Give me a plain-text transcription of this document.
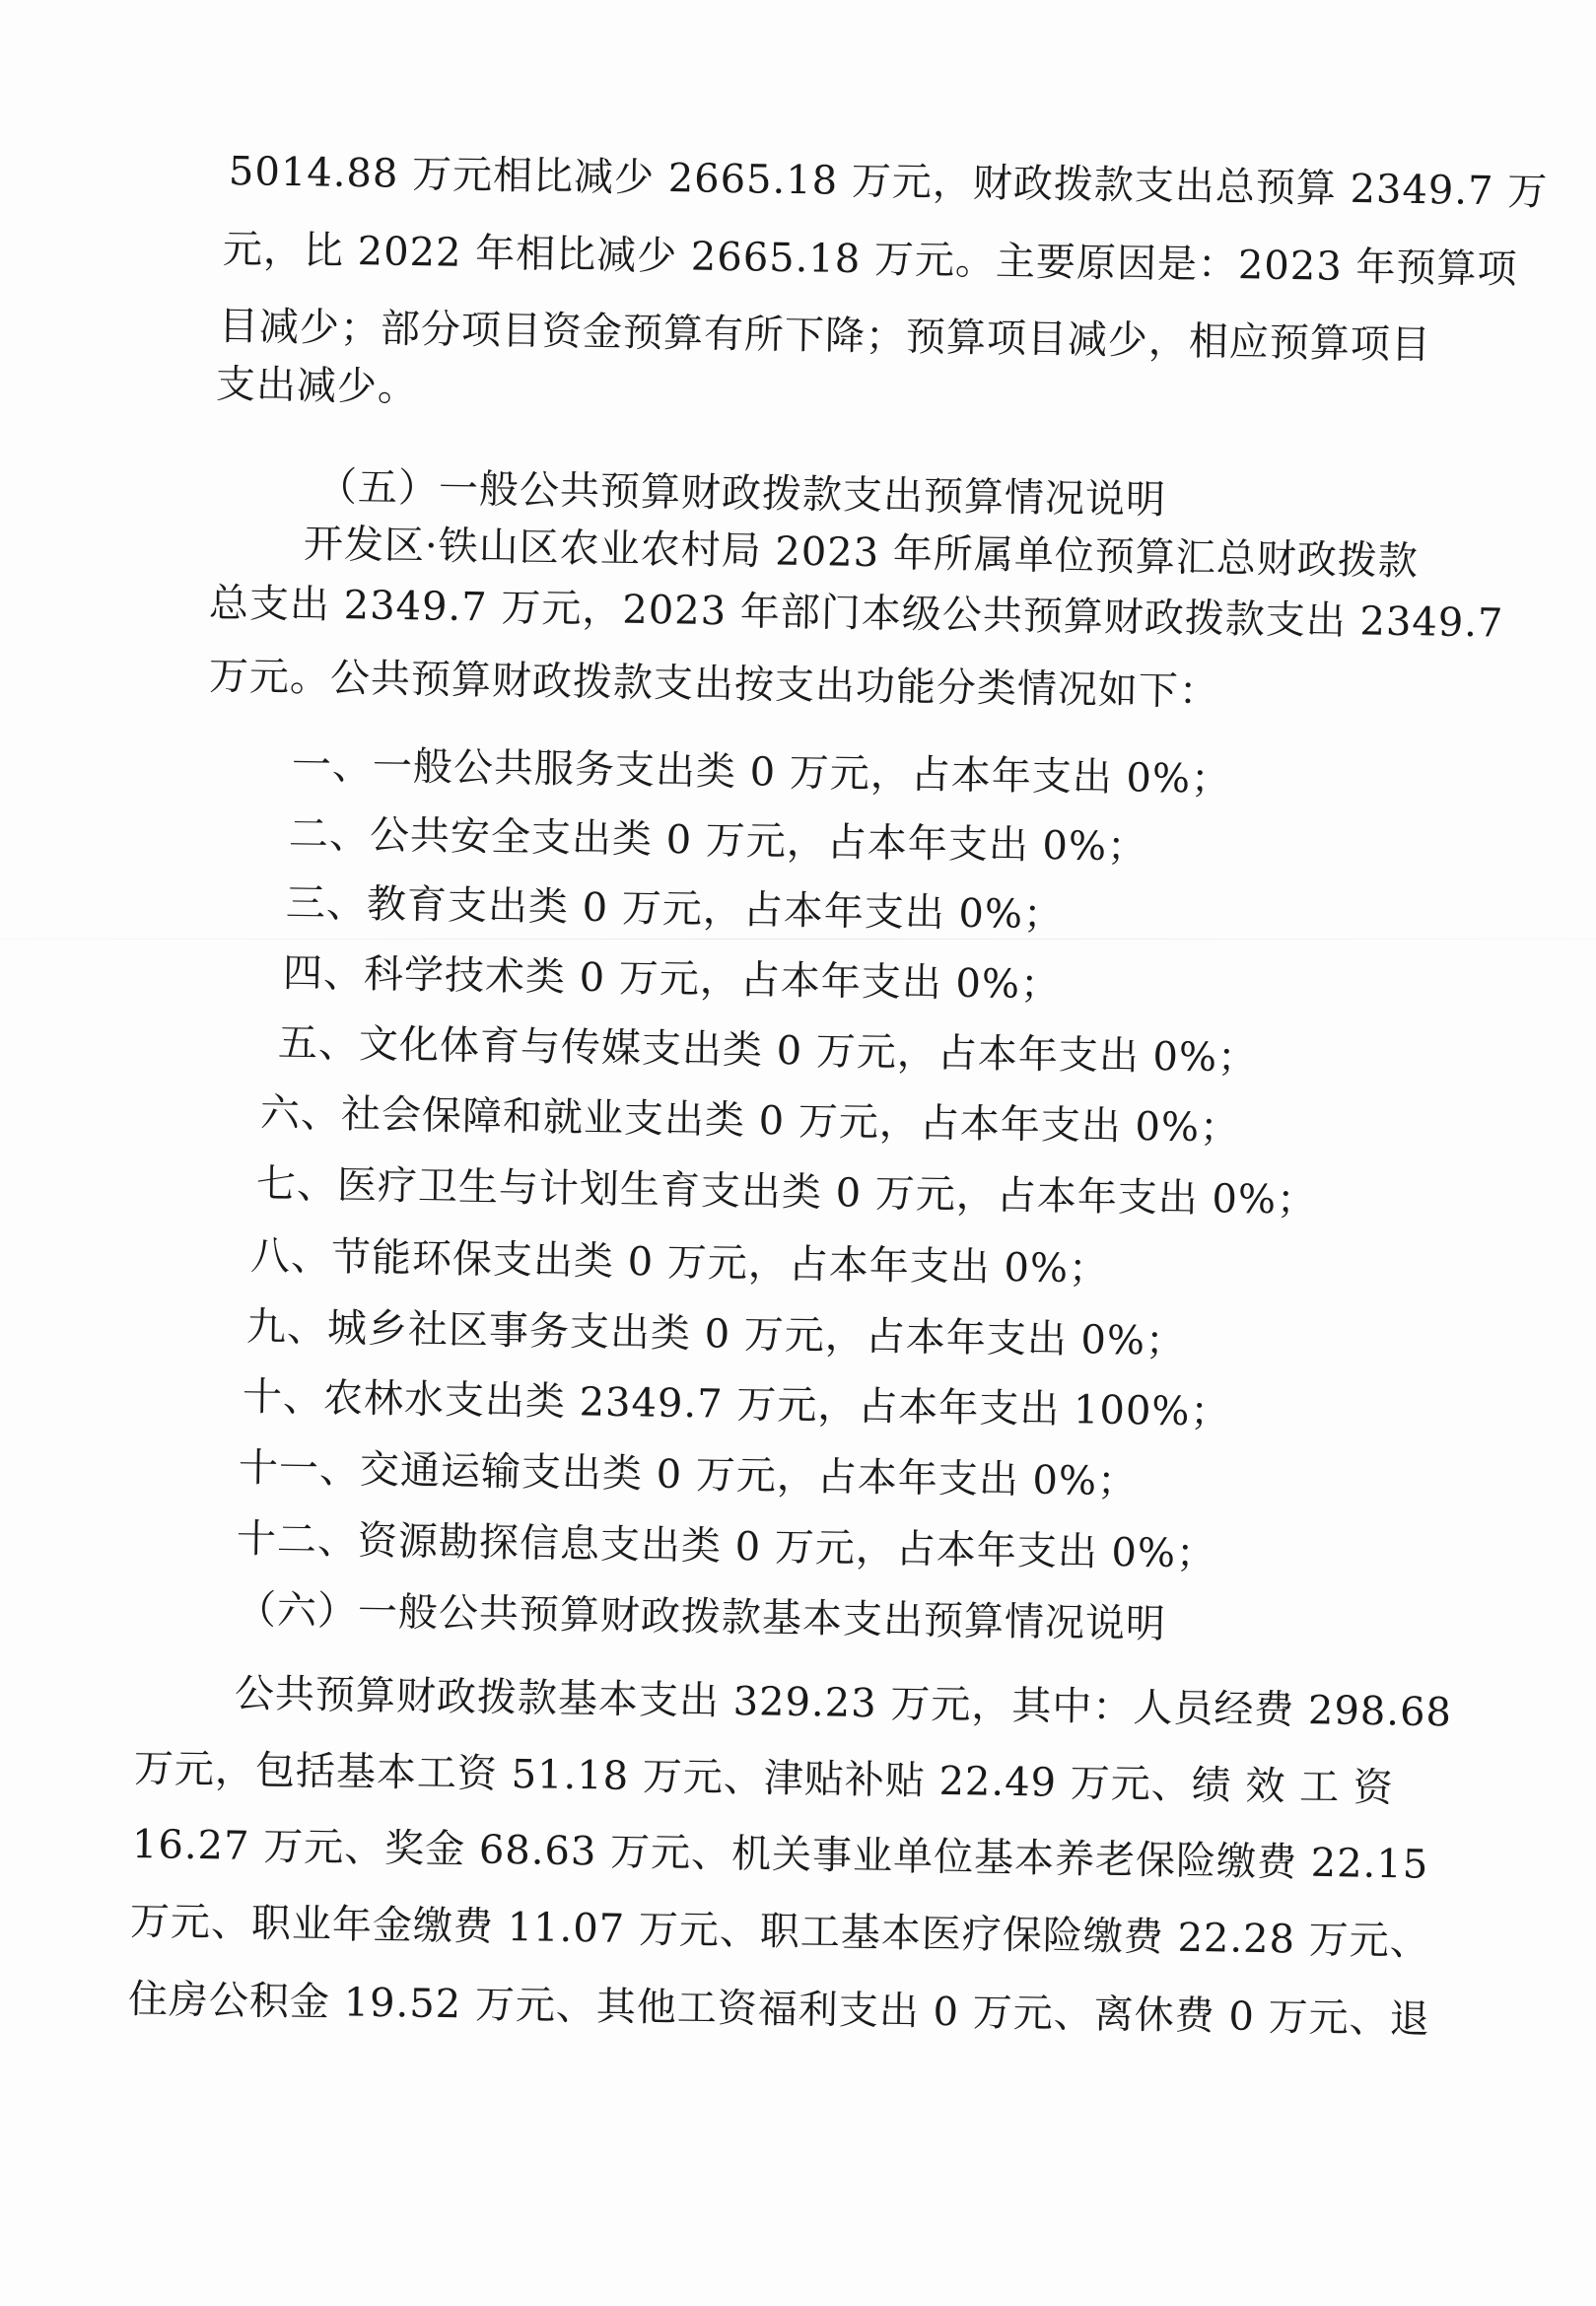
5014.88 万元相比减少 2665.18 万元，财政拨款支出总预算 2349.7 万
元，比 2022 年相比减少 2665.18 万元。主要原因是：2023 年预算项
目减少；部分项目资金预算有所下降；预算项目减少，相应预算项目
支出减少。
（五）一般公共预算财政拨款支出预算情况说明
开发区·铁山区农业农村局 2023 年所属单位预算汇总财政拨款
总支出 2349.7 万元，2023 年部门本级公共预算财政拨款支出 2349.7
万元。公共预算财政拨款支出按支出功能分类情况如下：
一、一般公共服务支出类 0 万元，占本年支出 0%；
二、公共安全支出类 0 万元，占本年支出 0%；
三、教育支出类 0 万元，占本年支出 0%；
四、科学技术类 0 万元，占本年支出 0%；
五、文化体育与传媒支出类 0 万元，占本年支出 0%；
六、社会保障和就业支出类 0 万元，占本年支出 0%；
七、医疗卫生与计划生育支出类 0 万元，占本年支出 0%；
八、节能环保支出类 0 万元，占本年支出 0%；
九、城乡社区事务支出类 0 万元，占本年支出 0%；
十、农林水支出类 2349.7 万元，占本年支出 100%；
十一、交通运输支出类 0 万元，占本年支出 0%；
十二、资源勘探信息支出类 0 万元，占本年支出 0%；
（六）一般公共预算财政拨款基本支出预算情况说明
公共预算财政拨款基本支出 329.23 万元，其中：人员经费 298.68
万元，包括基本工资 51.18 万元、津贴补贴 22.49 万元、绩 效 工 资
16.27 万元、奖金 68.63 万元、机关事业单位基本养老保险缴费 22.15
万元、职业年金缴费 11.07 万元、职工基本医疗保险缴费 22.28 万元、
住房公积金 19.52 万元、其他工资福利支出 0 万元、离休费 0 万元、退
